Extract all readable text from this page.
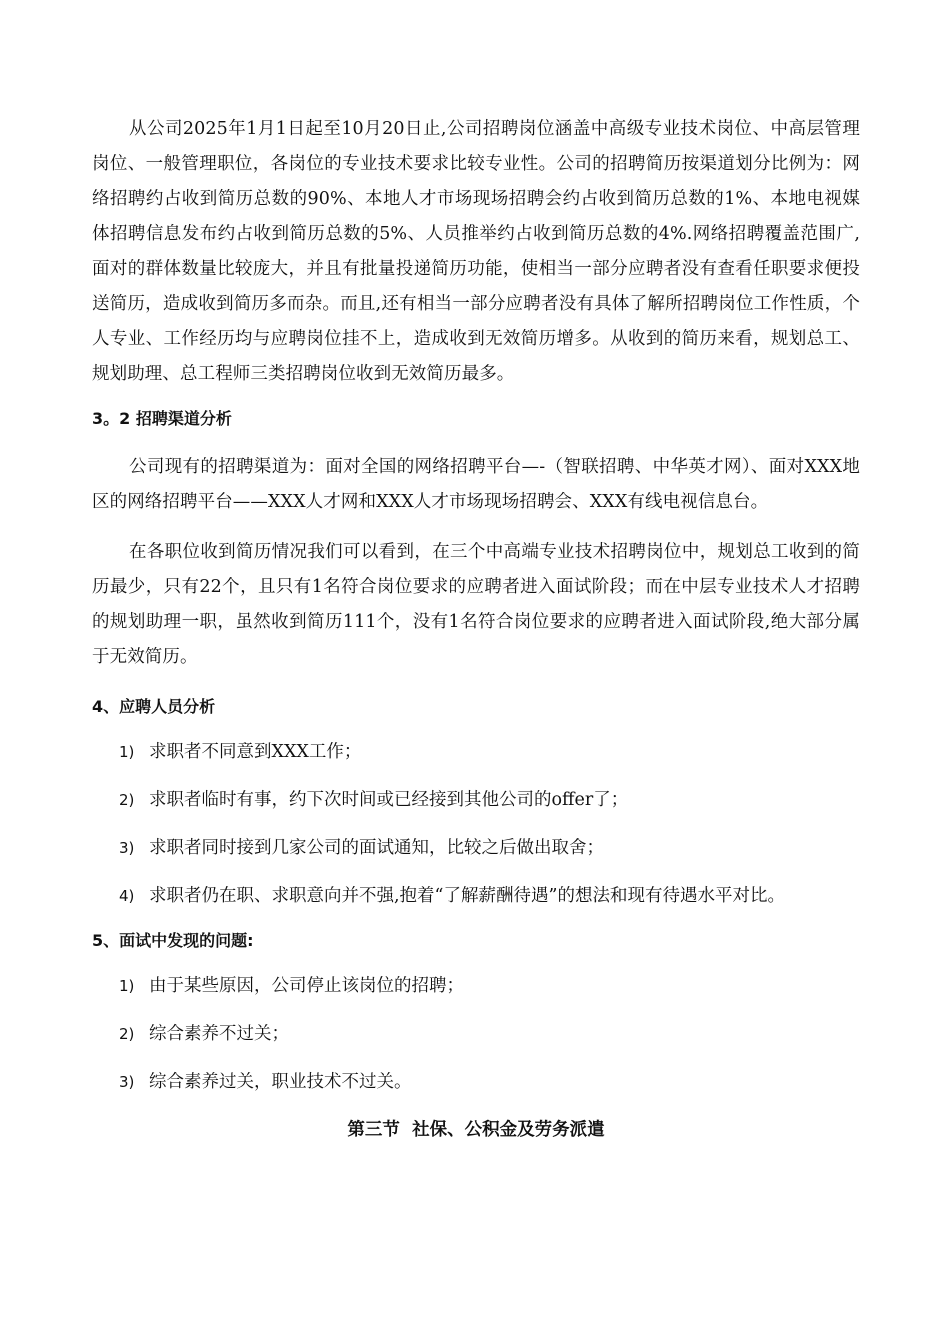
从公司2025年1月1日起至10月20日止,公司招聘岗位涵盖中高级专业技术岗位、中高层管理岗位、一般管理职位，各岗位的专业技术要求比较专业性。公司的招聘简历按渠道划分比例为：网络招聘约占收到简历总数的90%、本地人才市场现场招聘会约占收到简历总数的1%、本地电视媒体招聘信息发布约占收到简历总数的5%、人员推举约占收到简历总数的4%.网络招聘覆盖范围广,面对的群体数量比较庞大，并且有批量投递简历功能，使相当一部分应聘者没有查看任职要求便投送简历，造成收到简历多而杂。而且,还有相当一部分应聘者没有具体了解所招聘岗位工作性质，个人专业、工作经历均与应聘岗位挂不上，造成收到无效简历增多。从收到的简历来看，规划总工、规划助理、总工程师三类招聘岗位收到无效简历最多。

3。2 招聘渠道分析

公司现有的招聘渠道为：面对全国的网络招聘平台—-（智联招聘、中华英才网）、面对XXX地区的网络招聘平台——XXX人才网和XXX人才市场现场招聘会、XXX有线电视信息台。

在各职位收到简历情况我们可以看到，在三个中高端专业技术招聘岗位中，规划总工收到的简历最少，只有22个，且只有1名符合岗位要求的应聘者进入面试阶段；而在中层专业技术人才招聘的规划助理一职，虽然收到简历111个，没有1名符合岗位要求的应聘者进入面试阶段,绝大部分属于无效简历。

4、应聘人员分析

1) 求职者不同意到XXX工作；
2) 求职者临时有事，约下次时间或已经接到其他公司的offer了；
3) 求职者同时接到几家公司的面试通知，比较之后做出取舍；
4) 求职者仍在职、求职意向并不强,抱着“了解薪酬待遇”的想法和现有待遇水平对比。

5、面试中发现的问题:

1) 由于某些原因，公司停止该岗位的招聘；
2) 综合素养不过关；
3) 综合素养过关，职业技术不过关。

第三节  社保、公积金及劳务派遣
